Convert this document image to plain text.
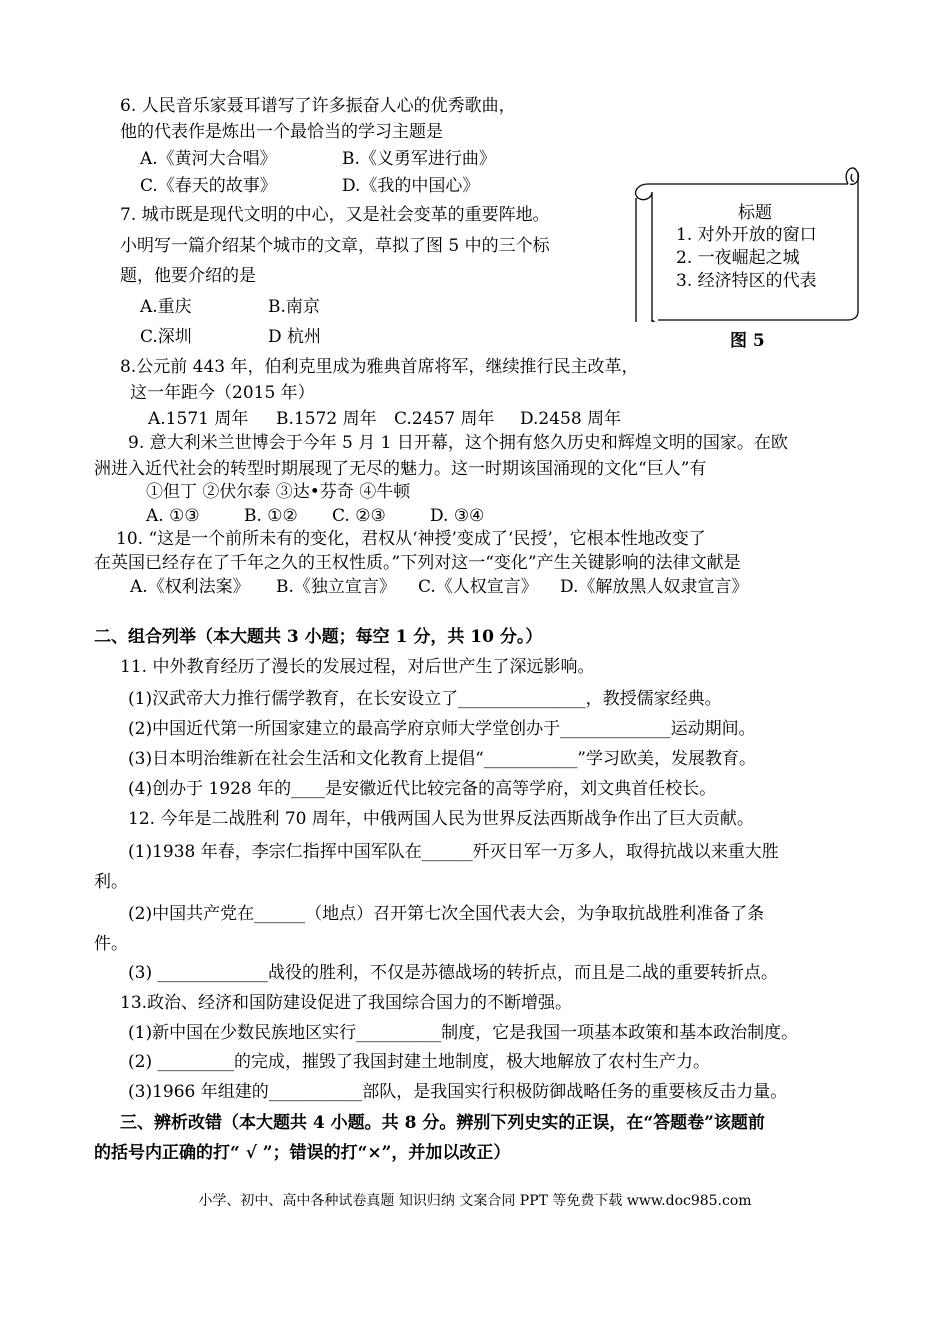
6. 人民音乐家聂耳谱写了许多振奋人心的优秀歌曲，
他的代表作是炼出一个最恰当的学习主题是
A.《黄河大合唱》	B.《义勇军进行曲》
C.《春天的故事》	D.《我的中国心》
7. 城市既是现代文明的中心，又是社会变革的重要阵地。
小明写一篇介绍某个城市的文章，草拟了图 5 中的三个标
题，他要介绍的是
A.重庆	B.南京
C.深圳	D 杭州
标题
1. 对外开放的窗口
2. 一夜崛起之城
3. 经济特区的代表
图 5
8.公元前 443 年，伯利克里成为雅典首席将军，继续推行民主改革，
这一年距今（2015 年）
A.1571 周年 B.1572 周年 C.2457 周年 D.2458 周年
9. 意大利米兰世博会于今年 5 月 1 日开幕，这个拥有悠久历史和辉煌文明的国家。在欧
洲进入近代社会的转型时期展现了无尽的魅力。这一时期该国涌现的文化“巨人”有
①但丁 ②伏尔泰 ③达•芬奇 ④牛顿
A. ①③	B. ①② C. ②③	D. ③④
10. “这是一个前所未有的变化，君权从‘神授’变成了‘民授’，它根本性地改变了
在英国已经存在了千年之久的王权性质。”下列对这一“变化”产生关键影响的法律文献是
A.《权利法案》 B.《独立宣言》 C.《人权宣言》 D.《解放黑人奴隶宣言》
二、组合列举（本大题共 3 小题；每空 1 分，共 10 分。）
11. 中外教育经历了漫长的发展过程，对后世产生了深远影响。
(1)汉武帝大力推行儒学教育，在长安设立了_______________，教授儒家经典。
(2)中国近代第一所国家建立的最高学府京师大学堂创办于_____________运动期间。
(3)日本明治维新在社会生活和文化教育上提倡“___________”学习欧美，发展教育。
(4)创办于 1928 年的____是安徽近代比较完备的高等学府，刘文典首任校长。
12. 今年是二战胜利 70 周年，中俄两国人民为世界反法西斯战争作出了巨大贡献。
(1)1938 年春，李宗仁指挥中国军队在______歼灭日军一万多人，取得抗战以来重大胜
利。
(2)中国共产党在______（地点）召开第七次全国代表大会，为争取抗战胜利准备了条
件。
(3) _____________战役的胜利，不仅是苏德战场的转折点，而且是二战的重要转折点。
13.政治、经济和国防建设促进了我国综合国力的不断增强。
(1)新中国在少数民族地区实行__________制度，它是我国一项基本政策和基本政治制度。
(2) _________的完成，摧毁了我国封建土地制度，极大地解放了农村生产力。
(3)1966 年组建的___________部队，是我国实行积极防御战略任务的重要核反击力量。
三、辨析改错（本大题共 4 小题。共 8 分。辨别下列史实的正误，在“答题卷”该题前
的括号内正确的打“ √ ”；错误的打“×”，并加以改正）
小学、初中、高中各种试卷真题 知识归纳 文案合同 PPT 等免费下载 www.doc985.com
